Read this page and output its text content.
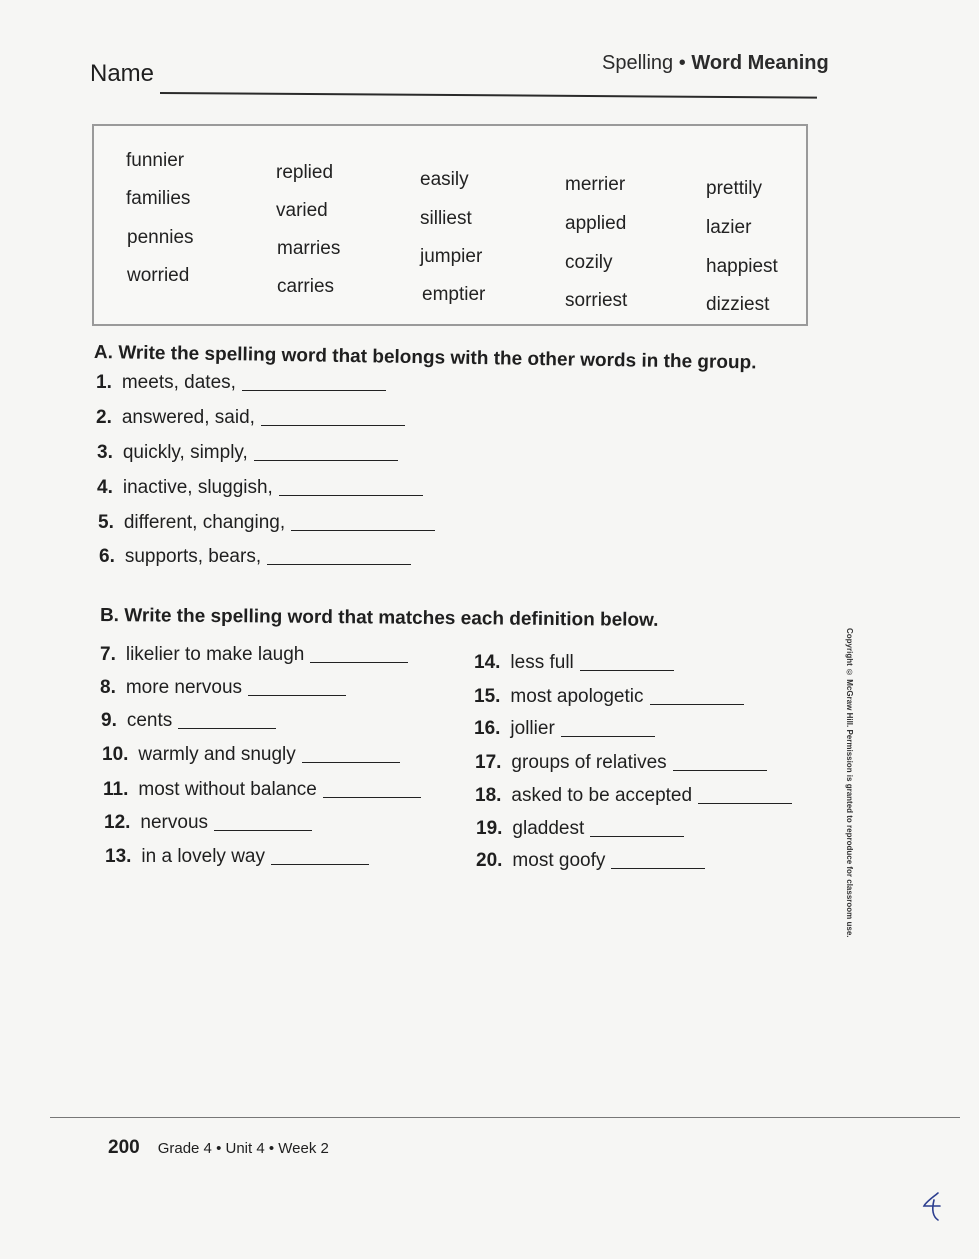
Spelling • Word Meaning
Name
funnier
families
pennies
worried
replied
varied
marries
carries
easily
silliest
jumpier
emptier
merrier
applied
cozily
sorriest
prettily
lazier
happiest
dizziest
A. Write the spelling word that belongs with the other words in the group.
1. meets, dates,
2. answered, said,
3. quickly, simply,
4. inactive, sluggish,
5. different, changing,
6. supports, bears,
B. Write the spelling word that matches each definition below.
7. likelier to make laugh
8. more nervous
9. cents
10. warmly and snugly
11. most without balance
12. nervous
13. in a lovely way
14. less full
15. most apologetic
16. jollier
17. groups of relatives
18. asked to be accepted
19. gladdest
20. most goofy	Copyright © McGraw Hill. Permission is granted to reproduce for classroom use.
200 Grade 4 • Unit 4 • Week 2
